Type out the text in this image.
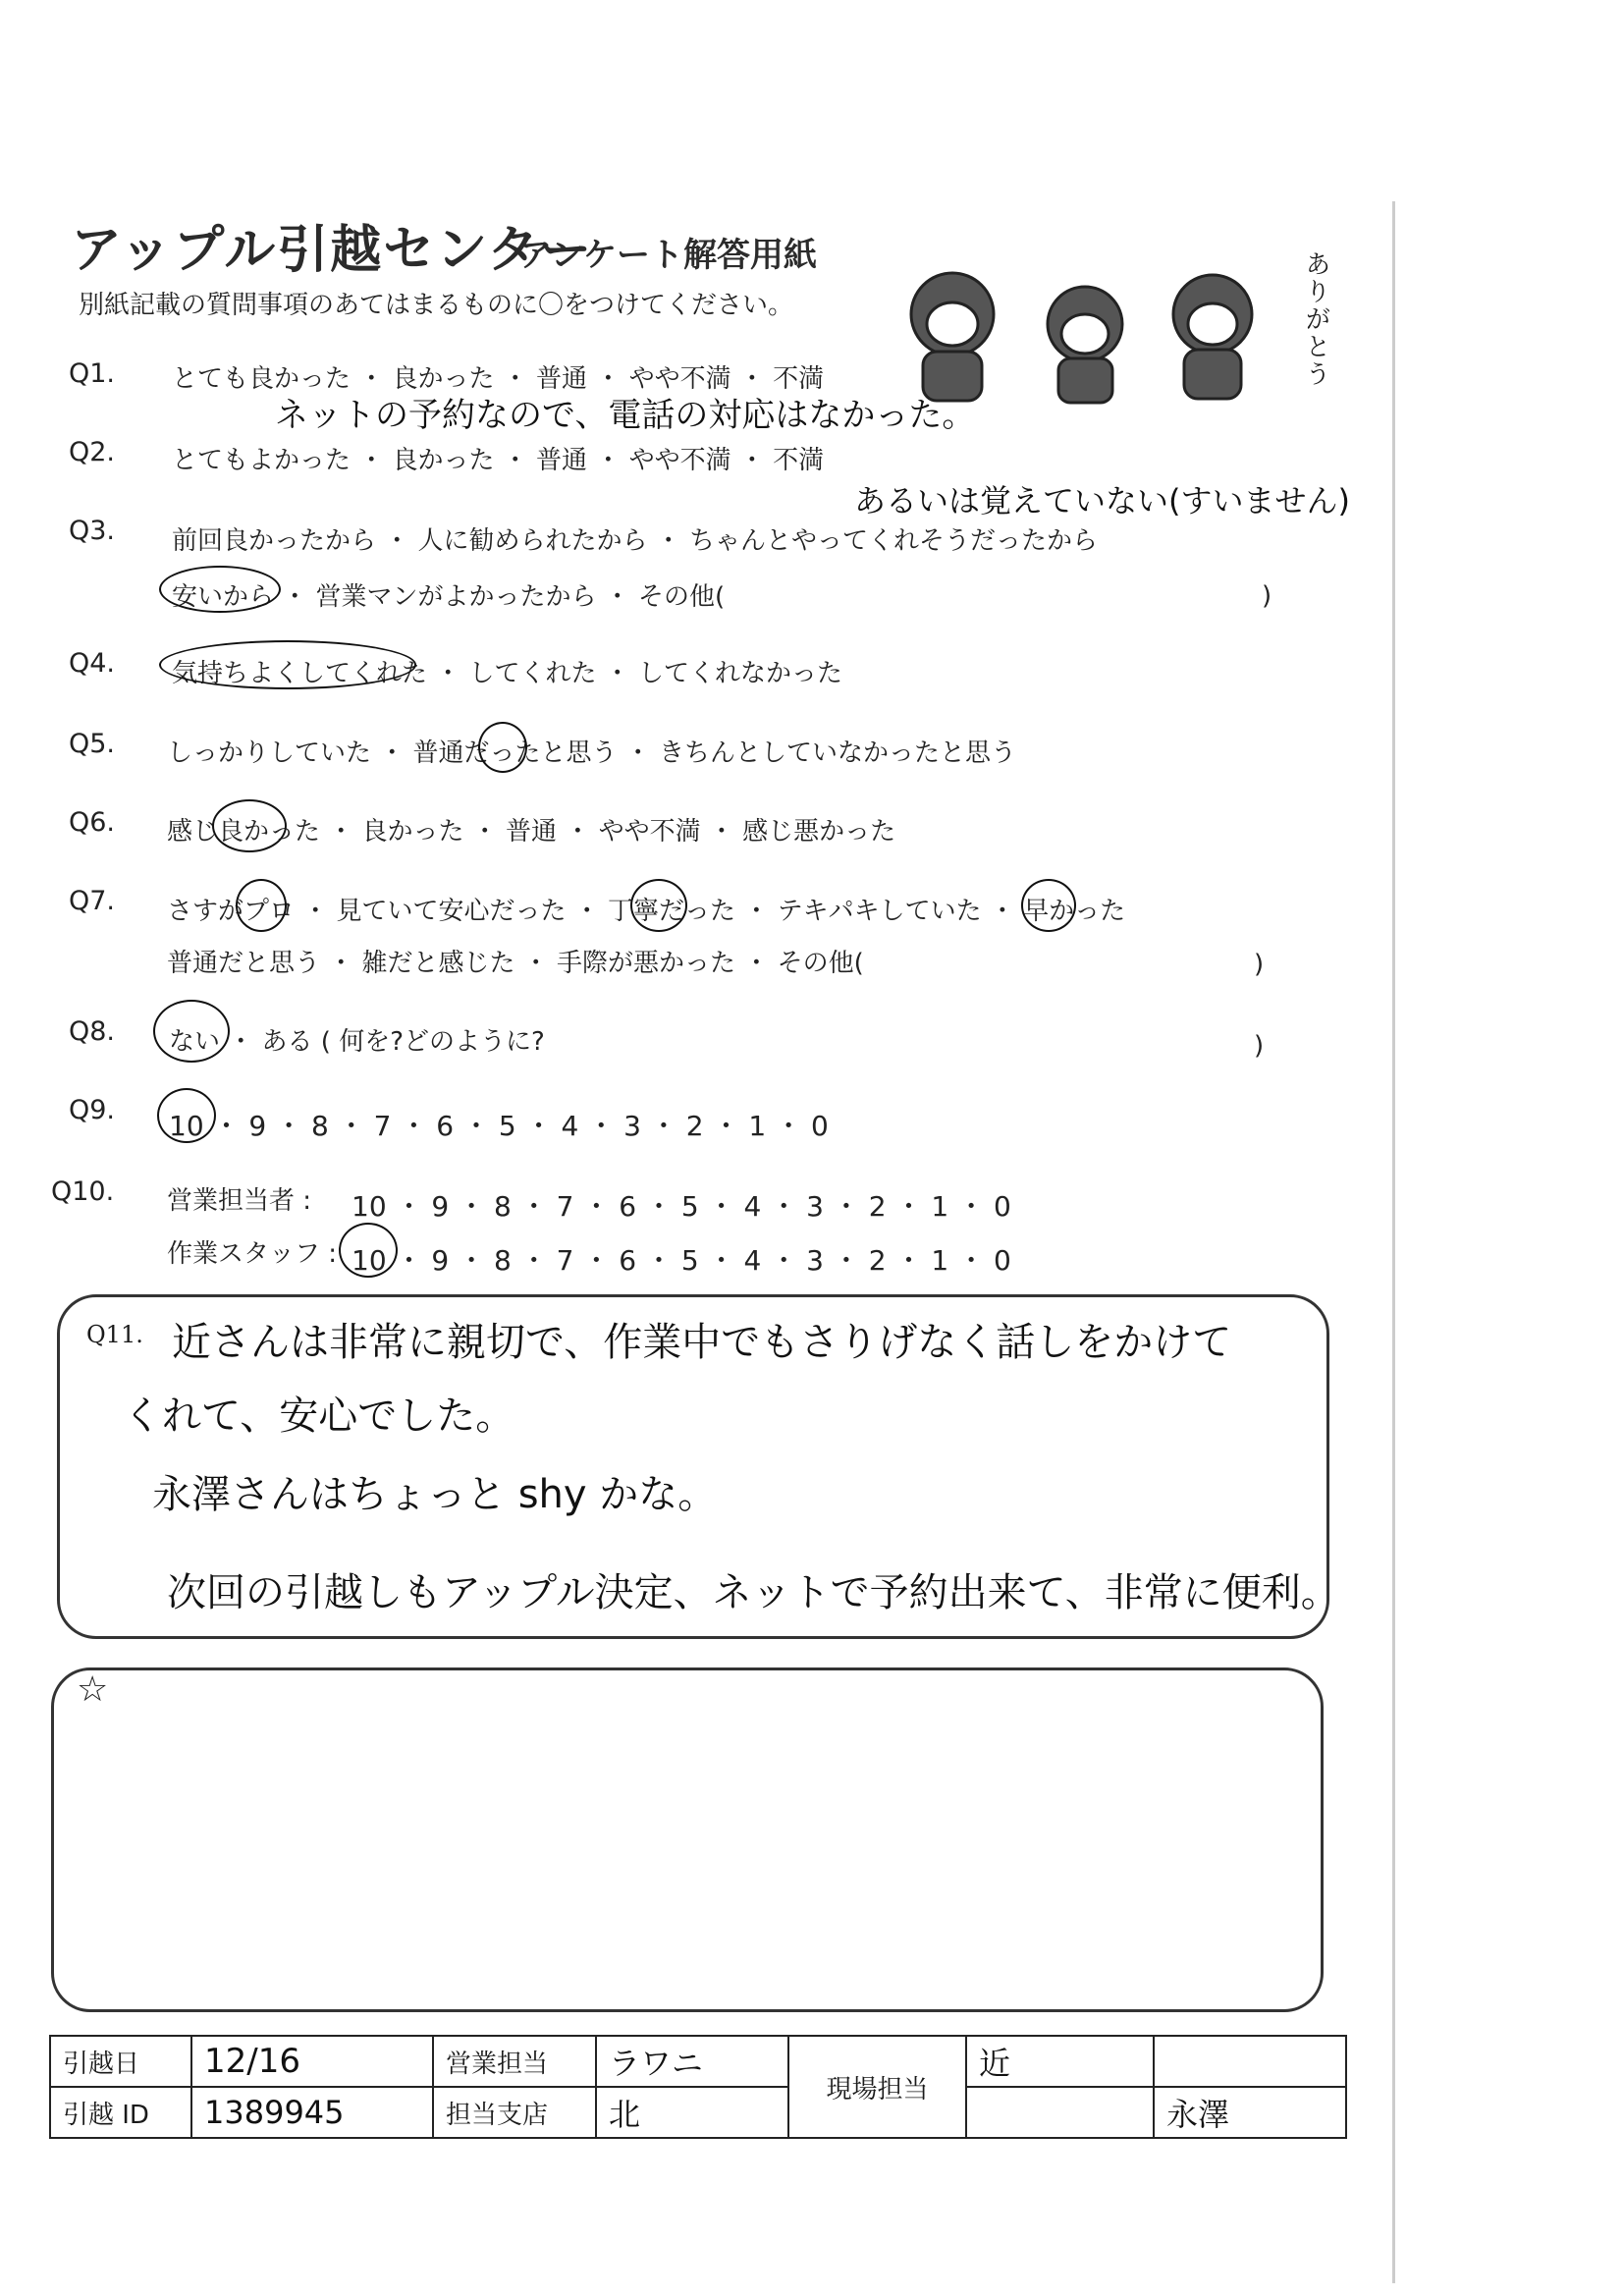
アップル引越センター
アンケート解答用紙
別紙記載の質問事項のあてはまるものに〇をつけてください。	ありがとう
Q1. とても良かった ・ 良かった ・ 普通 ・ やや不満 ・ 不満
ネットの予約なので、電話の対応はなかった。
Q2. とてもよかった ・ 良かった ・ 普通 ・ やや不満 ・ 不満
あるいは覚えていない(すいません)
Q3. 前回良かったから ・ 人に勧められたから ・ ちゃんとやってくれそうだったから
安いから ・ 営業マンがよかったから ・ その他(	)
Q4. 気持ちよくしてくれた ・ してくれた ・ してくれなかった
Q5. しっかりしていた ・ 普通だったと思う ・ きちんとしていなかったと思う
Q6. 感じ良かった ・ 良かった ・ 普通 ・ やや不満 ・ 感じ悪かった
Q7. さすがプロ ・ 見ていて安心だった ・ 丁寧だった ・ テキパキしていた ・ 早かった
普通だと思う ・ 雑だと感じた ・ 手際が悪かった ・ その他(	)
Q8. ない ・ ある ( 何を?どのように?	)
Q9. 10 ・ 9 ・ 8 ・ 7 ・ 6 ・ 5 ・ 4 ・ 3 ・ 2 ・ 1 ・ 0
Q10. 営業担当者 : 10 ・ 9 ・ 8 ・ 7 ・ 6 ・ 5 ・ 4 ・ 3 ・ 2 ・ 1 ・ 0
作業スタッフ : 10 ・ 9 ・ 8 ・ 7 ・ 6 ・ 5 ・ 4 ・ 3 ・ 2 ・ 1 ・ 0
Q11. 近さんは非常に親切で、作業中でもさりげなく話しをかけて
くれて、安心でした。
永澤さんはちょっと shy かな。
次回の引越しもアップル決定、ネットで予約出来て、非常に便利。
☆
引越日	12/16	営業担当	ラワニ	現場担当	近	
引越 ID	1389945	担当支店	北			永澤
